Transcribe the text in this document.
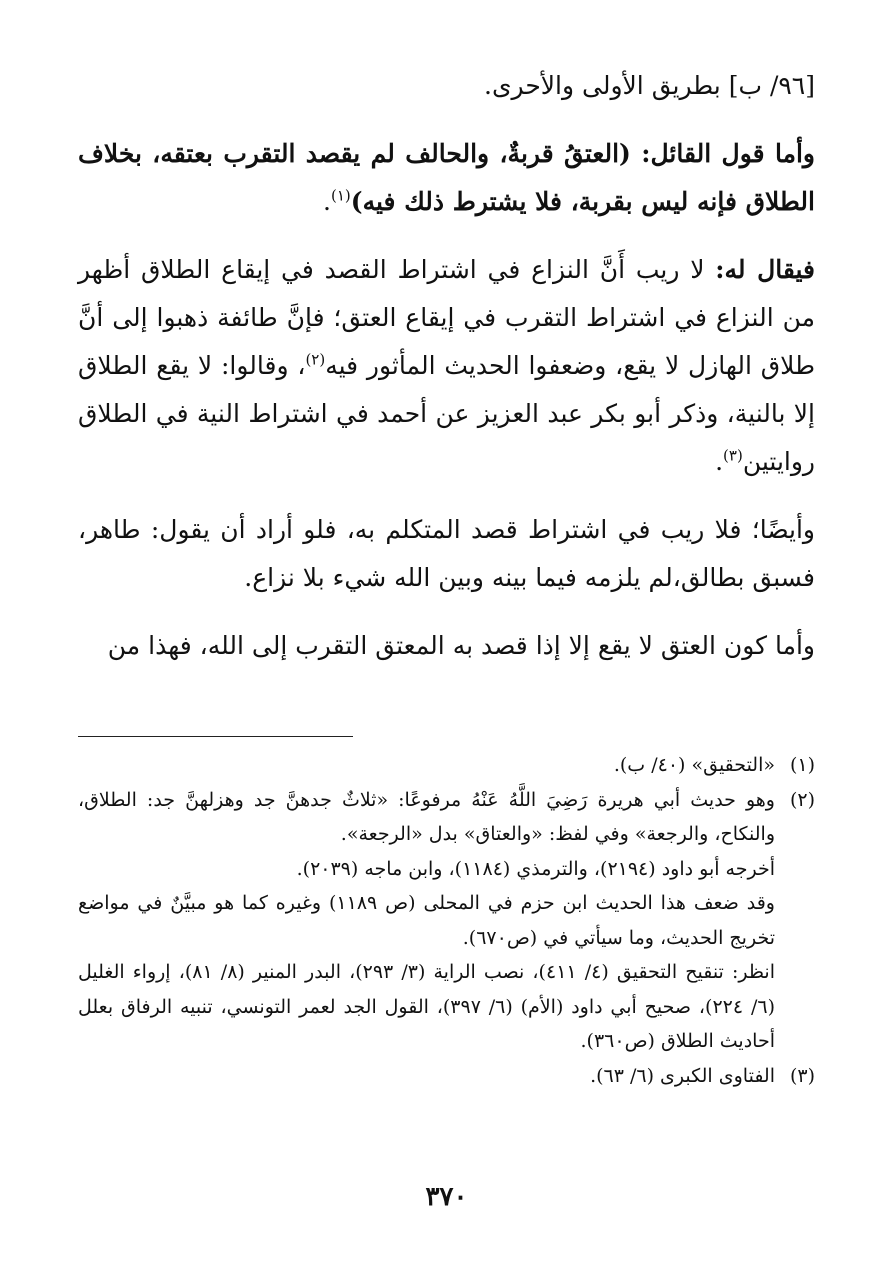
[٩٦/ ب] بطريق الأولى والأحرى.

وأما قول القائل: (العتقُ قربةٌ، والحالف لم يقصد التقرب بعتقه، بخلاف الطلاق فإنه ليس بقربة، فلا يشترط ذلك فيه)$^{(١)}$.

فيقال له: لا ريب أَنَّ النزاع في اشتراط القصد في إيقاع الطلاق أظهر من النزاع في اشتراط التقرب في إيقاع العتق؛ فإنَّ طائفة ذهبوا إلى أنَّ طلاق الهازل لا يقع، وضعفوا الحديث المأثور فيه$^{(٢)}$، وقالوا: لا يقع الطلاق إلا بالنية، وذكر أبو بكر عبد العزيز عن أحمد في اشتراط النية في الطلاق روايتين$^{(٣)}$.

وأيضًا؛ فلا ريب في اشتراط قصد المتكلم به، فلو أراد أن يقول: طاهر، فسبق بطالق،لم يلزمه فيما بينه وبين الله شيء بلا نزاع.

وأما كون العتق لا يقع إلا إذا قصد به المعتق التقرب إلى الله، فهذا من

(١)
«التحقيق» (٤٠/ ب).
(٢)
وهو حديث أبي هريرة رَضِيَ اللَّهُ عَنْهُ مرفوعًا: «ثلاثٌ جدهنَّ جد وهزلهنَّ جد: الطلاق، والنكاح، والرجعة» وفي لفظ: «والعتاق» بدل «الرجعة».
أخرجه أبو داود (٢١٩٤)، والترمذي (١١٨٤)، وابن ماجه (٢٠٣٩).
وقد ضعف هذا الحديث ابن حزم في المحلى (ص ١١٨٩) وغيره كما هو مبيَّنٌ في مواضع تخريج الحديث، وما سيأتي في (ص٦٧٠).
انظر: تنقيح التحقيق (٤/ ٤١١)، نصب الراية (٣/ ٢٩٣)، البدر المنير (٨/ ٨١)، إرواء الغليل (٦/ ٢٢٤)، صحيح أبي داود (الأم) (٦/ ٣٩٧)، القول الجد لعمر التونسي، تنبيه الرفاق بعلل أحاديث الطلاق (ص٣٦٠).
(٣)
الفتاوى الكبرى (٦/ ٦٣).
٣٧٠
